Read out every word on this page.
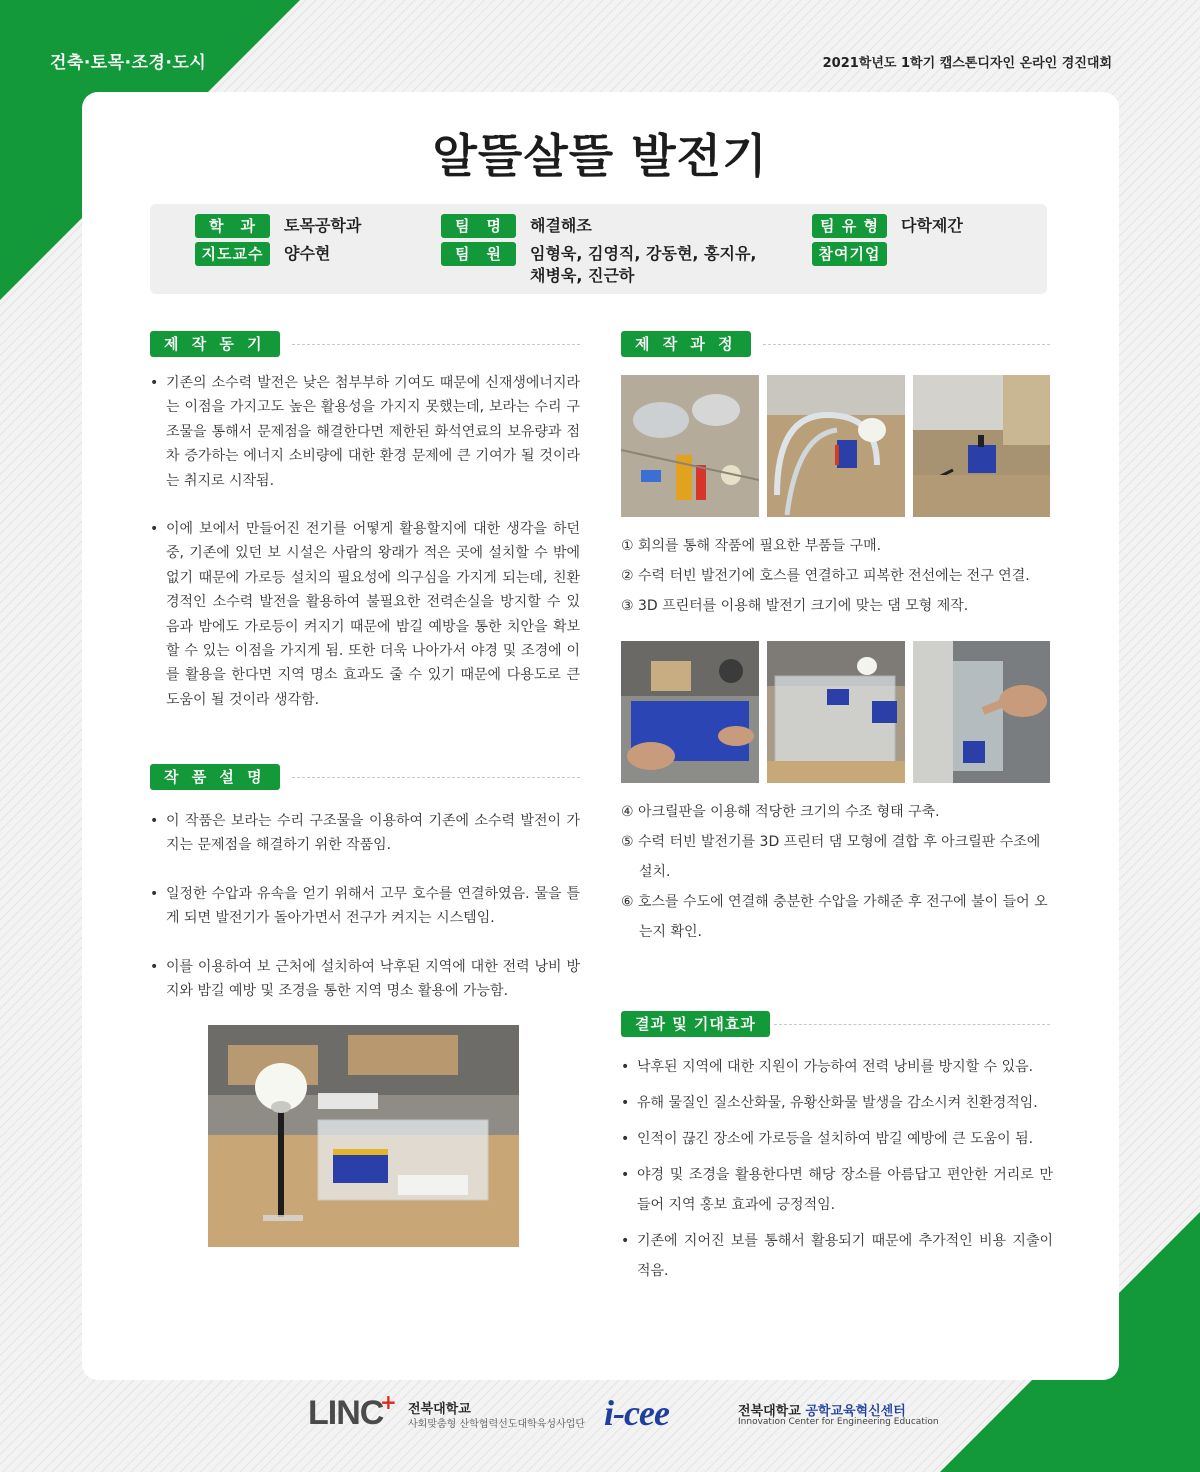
건축·토목·조경·도시	2021학년도 1학기 캡스톤디자인 온라인 경진대회
알뜰살뜰 발전기
학　과	토목공학과
지도교수	양수현
팀　명	해결해조
팀　원	임형욱, 김영직, 강동현, 홍지유,
채병욱, 진근하
팀 유 형	다학제간
참여기업
제 작 동 기
• 기존의 소수력 발전은 낮은 첨부부하 기여도 때문에 신재생에너지라는 이점을 가지고도 높은 활용성을 가지지 못했는데, 보라는 수리 구조물을 통해서 문제점을 해결한다면 제한된 화석연료의 보유량과 점차 증가하는 에너지 소비량에 대한 환경 문제에 큰 기여가 될 것이라는 취지로 시작됨.
• 이에 보에서 만들어진 전기를 어떻게 활용할지에 대한 생각을 하던 중, 기존에 있던 보 시설은 사람의 왕래가 적은 곳에 설치할 수 밖에 없기 때문에 가로등 설치의 필요성에 의구심을 가지게 되는데, 친환경적인 소수력 발전을 활용하여 불필요한 전력손실을 방지할 수 있음과 밤에도 가로등이 켜지기 때문에 밤길 예방을 통한 치안을 확보할 수 있는 이점을 가지게 됨. 또한 더욱 나아가서 야경 및 조경에 이를 활용을 한다면 지역 명소 효과도 줄 수 있기 때문에 다용도로 큰 도움이 될 것이라 생각함.
작 품 설 명
• 이 작품은 보라는 수리 구조물을 이용하여 기존에 소수력 발전이 가지는 문제점을 해결하기 위한 작품임.
• 일정한 수압과 유속을 얻기 위해서 고무 호수를 연결하였음. 물을 틀게 되면 발전기가 돌아가면서 전구가 켜지는 시스템임.
• 이를 이용하여 보 근처에 설치하여 낙후된 지역에 대한 전력 낭비 방지와 밤길 예방 및 조경을 통한 지역 명소 활용에 가능함.
제 작 과 정
① 회의를 통해 작품에 필요한 부품들 구매.
② 수력 터빈 발전기에 호스를 연결하고 피복한 전선에는 전구 연결.
③ 3D 프린터를 이용해 발전기 크기에 맞는 댐 모형 제작.
④ 아크릴판을 이용해 적당한 크기의 수조 형태 구축.
⑤ 수력 터빈 발전기를 3D 프린터 댐 모형에 결합 후 아크릴판 수조에 설치.
⑥ 호스를 수도에 연결해 충분한 수압을 가해준 후 전구에 불이 들어 오는지 확인.
결과 및 기대효과
• 낙후된 지역에 대한 지원이 가능하여 전력 낭비를 방지할 수 있음.
• 유해 물질인 질소산화물, 유황산화물 발생을 감소시켜 친환경적임.
• 인적이 끊긴 장소에 가로등을 설치하여 밤길 예방에 큰 도움이 됨.
• 야경 및 조경을 활용한다면 해당 장소를 아름답고 편안한 거리로 만들어 지역 홍보 효과에 긍정적임.
• 기존에 지어진 보를 통해서 활용되기 때문에 추가적인 비용 지출이 적음.
LINC
+ 전북대학교
사회맞춤형 산학협력선도대학육성사업단 i-cee	전북대학교 공학교육혁신센터
Innovation Center for Engineering Education
